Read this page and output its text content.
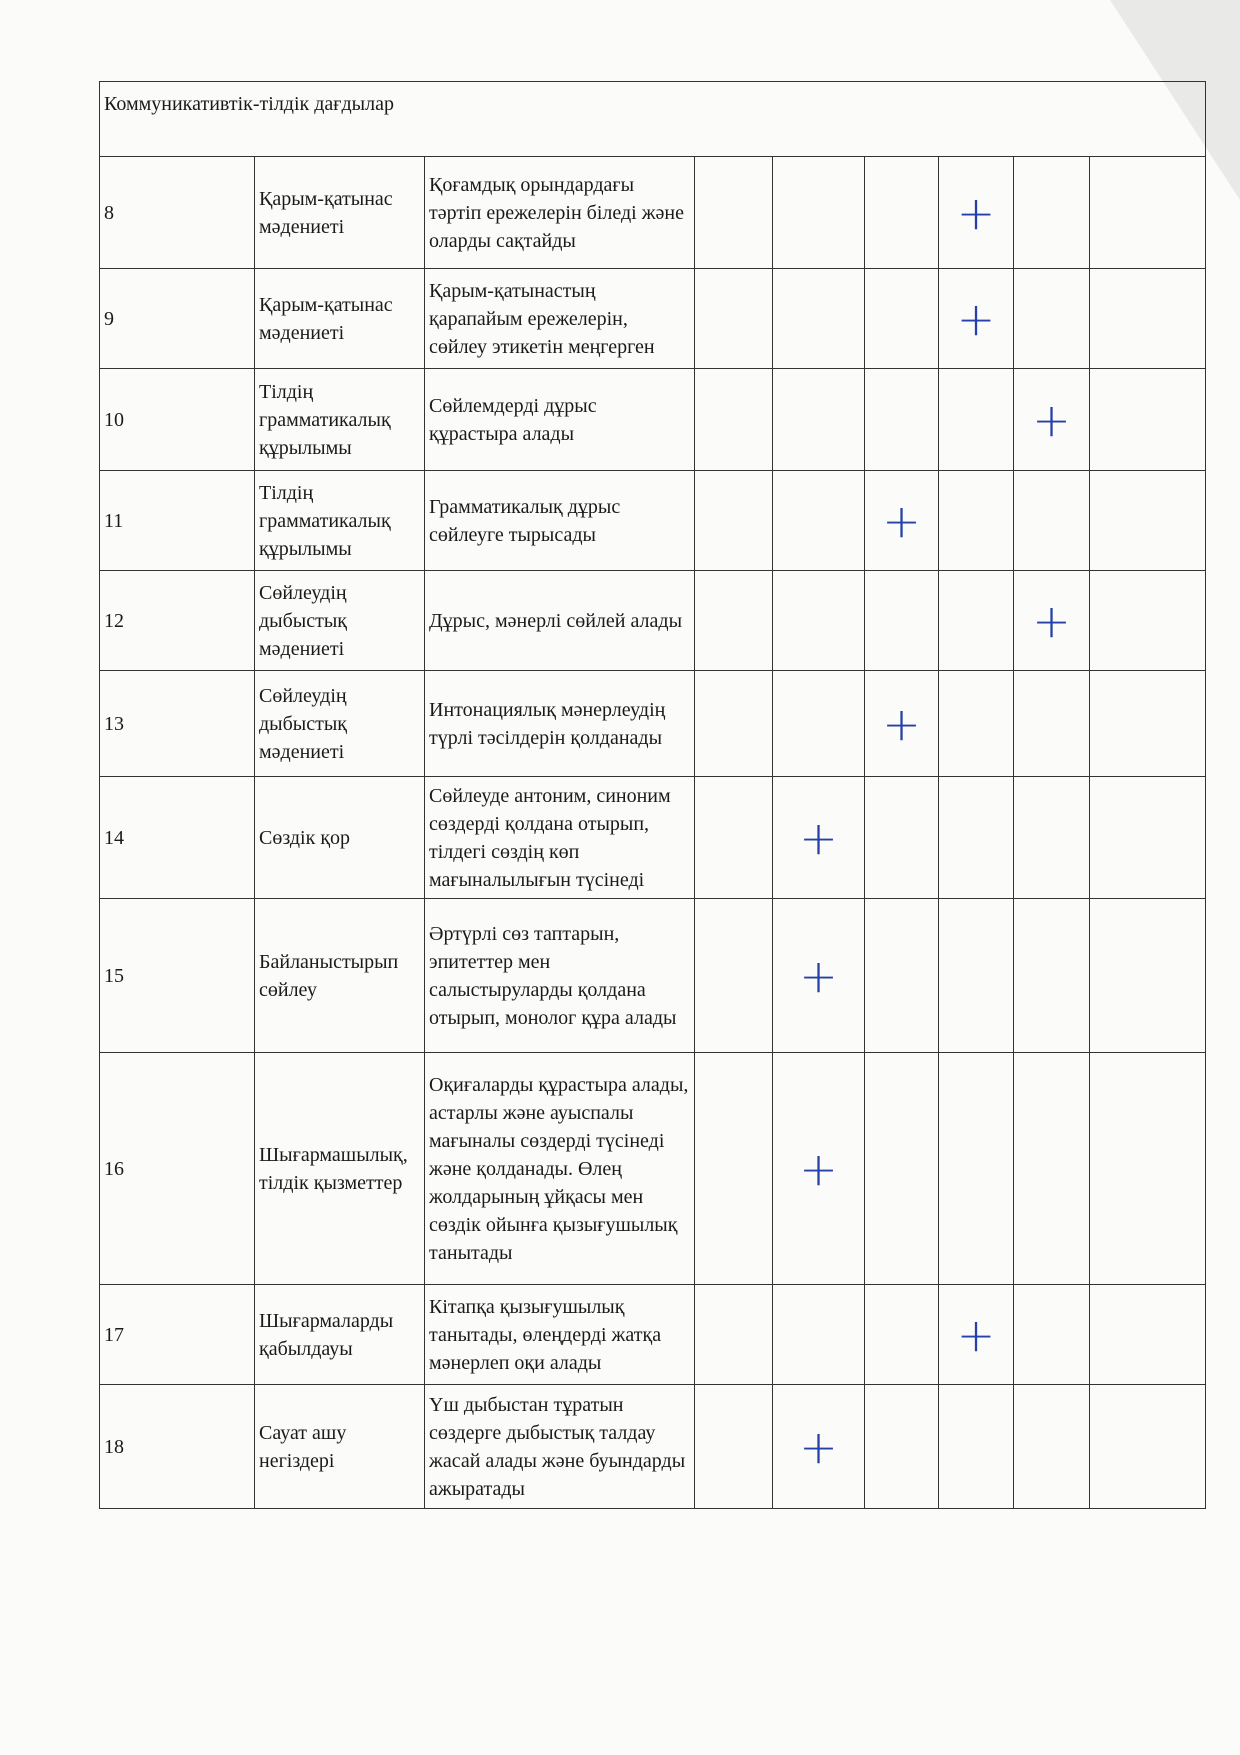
Коммуникативтік-тілдік дағдылар								
8	Қарым-қатынас мәдениеті	Қоғамдық орындардағы тәртіп ережелерін біледі және оларды сақтайды				+		

9	Қарым-қатынас мәдениеті	Қарым-қатынастың қарапайым ережелерін, сөйлеу этикетін меңгерген				+		

10	Тілдің грамматикалық құрылымы	Сөйлемдерді дұрыс құрастыра алады					+	

11	Тілдің грамматикалық құрылымы	Грамматикалық дұрыс сөйлеуге тырысады			+			

12	Сөйлеудің дыбыстық мәдениеті	Дұрыс, мәнерлі сөйлей алады					+	

13	Сөйлеудің дыбыстық мәдениеті	Интонациялық мәнерлеудің түрлі тәсілдерін қолданады			+			

14	Сөздік қор	Сөйлеуде антоним, синоним сөздерді қолдана отырып, тілдегі сөздің көп мағыналылығын түсінеді		+				

15	Байланыстырып сөйлеу	Әртүрлі сөз таптарын, эпитеттер мен салыстыруларды қолдана отырып, монолог құра алады		+				

16	Шығармашылық, тілдік қызметтер	Оқиғаларды құрастыра алады, астарлы және ауыспалы мағыналы сөздерді түсінеді және қолданады. Өлең жолдарының ұйқасы мен сөздік ойынға қызығушылық танытады		+				

17	Шығармаларды қабылдауы	Кітапқа қызығушылық танытады, өлеңдерді жатқа мәнерлеп оқи алады				+		

18	Сауат ашу негіздері	Үш дыбыстан тұратын сөздерге дыбыстық талдау жасай алады және буындарды ажыратады		+				
